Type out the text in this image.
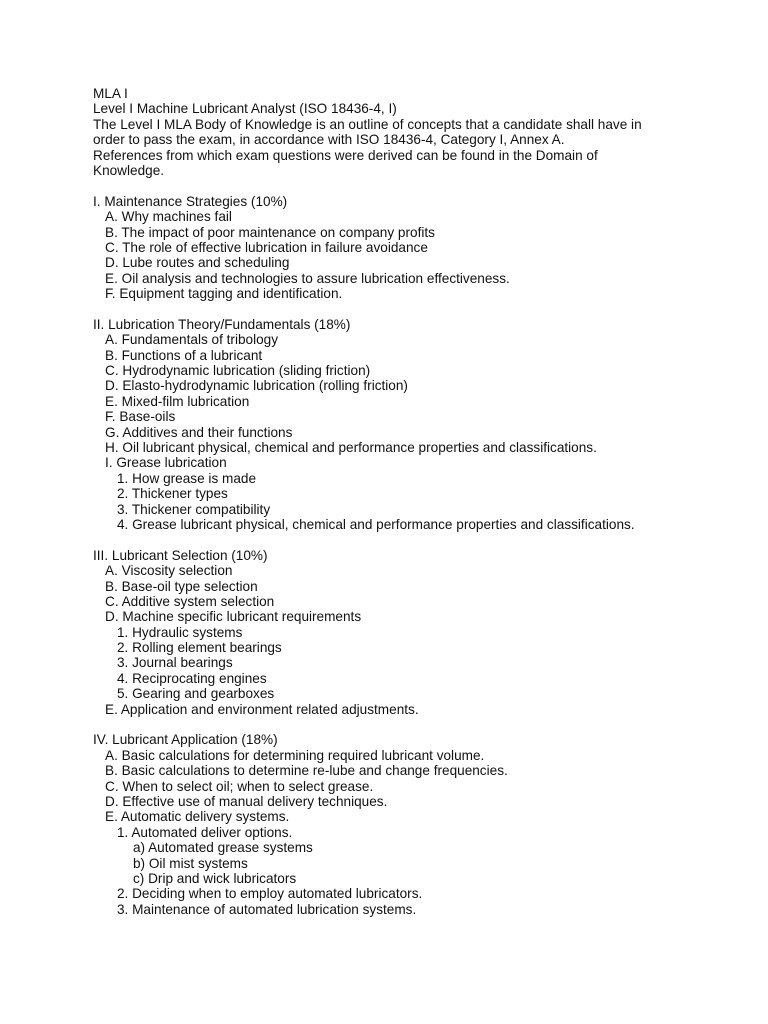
MLA I
Level I Machine Lubricant Analyst (ISO 18436-4, I)
The Level I MLA Body of Knowledge is an outline of concepts that a candidate shall have in
order to pass the exam, in accordance with ISO 18436-4, Category I, Annex A.
References from which exam questions were derived can be found in the Domain of
Knowledge.
I. Maintenance Strategies (10%)
A. Why machines fail
B. The impact of poor maintenance on company profits
C. The role of effective lubrication in failure avoidance
D. Lube routes and scheduling
E. Oil analysis and technologies to assure lubrication effectiveness.
F. Equipment tagging and identification.
II. Lubrication Theory/Fundamentals (18%)
A. Fundamentals of tribology
B. Functions of a lubricant
C. Hydrodynamic lubrication (sliding friction)
D. Elasto-hydrodynamic lubrication (rolling friction)
E. Mixed-film lubrication
F. Base-oils
G. Additives and their functions
H. Oil lubricant physical, chemical and performance properties and classifications.
I. Grease lubrication
1. How grease is made
2. Thickener types
3. Thickener compatibility
4. Grease lubricant physical, chemical and performance properties and classifications.
III. Lubricant Selection (10%)
A. Viscosity selection
B. Base-oil type selection
C. Additive system selection
D. Machine specific lubricant requirements
1. Hydraulic systems
2. Rolling element bearings
3. Journal bearings
4. Reciprocating engines
5. Gearing and gearboxes
E. Application and environment related adjustments.
IV. Lubricant Application (18%)
A. Basic calculations for determining required lubricant volume.
B. Basic calculations to determine re-lube and change frequencies.
C. When to select oil; when to select grease.
D. Effective use of manual delivery techniques.
E. Automatic delivery systems.
1. Automated deliver options.
a) Automated grease systems
b) Oil mist systems
c) Drip and wick lubricators
2. Deciding when to employ automated lubricators.
3. Maintenance of automated lubrication systems.
